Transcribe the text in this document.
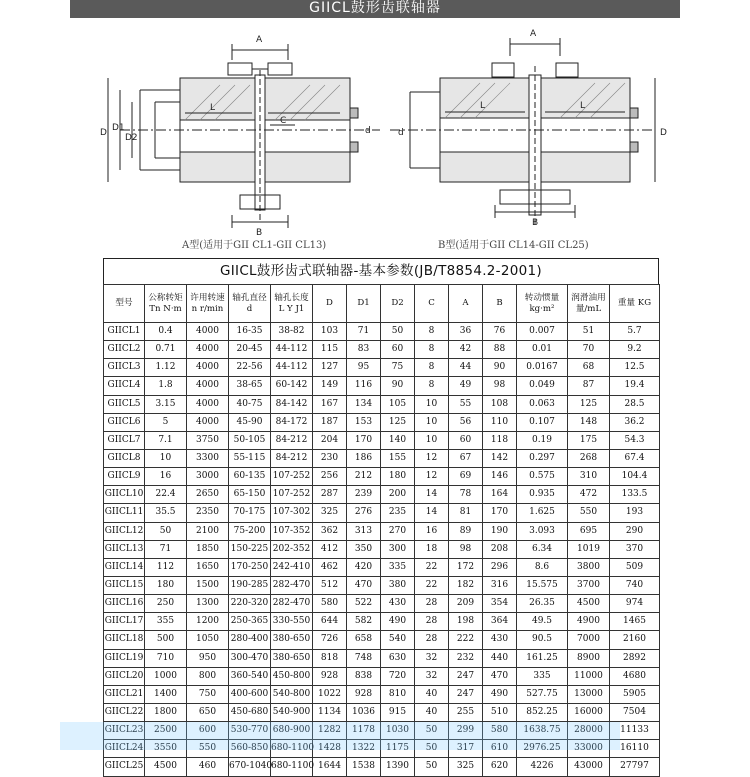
GIICL鼓形齿联轴器
A
L
C
B
D D1
D2
d
A
L	L
B
d	D
A型(适用于GII CL1-GII CL13)	B型(适用于GII CL14-GII CL25)
GIICL鼓形齿式联轴器-基本参数(JB/T8854.2-2001)
型号	公称转矩 Tn N·m	许用转速 n r/min	轴孔直径 d	轴孔长度 L Y J1	D	D1	D2	C	A	B	转动惯量 kg·m²	润滑油用 量/mL	重量 KG
GIICL1	0.4	4000	16-35	38-82	103	71	50	8	36	76	0.007	51	5.7
GIICL2	0.71	4000	20-45	44-112	115	83	60	8	42	88	0.01	70	9.2
GIICL3	1.12	4000	22-56	44-112	127	95	75	8	44	90	0.0167	68	12.5
GIICL4	1.8	4000	38-65	60-142	149	116	90	8	49	98	0.049	87	19.4
GIICL5	3.15	4000	40-75	84-142	167	134	105	10	55	108	0.063	125	28.5
GIICL6	5	4000	45-90	84-172	187	153	125	10	56	110	0.107	148	36.2
GIICL7	7.1	3750	50-105	84-212	204	170	140	10	60	118	0.19	175	54.3
GIICL8	10	3300	55-115	84-212	230	186	155	12	67	142	0.297	268	67.4
GIICL9	16	3000	60-135	107-252	256	212	180	12	69	146	0.575	310	104.4
GIICL10	22.4	2650	65-150	107-252	287	239	200	14	78	164	0.935	472	133.5
GIICL11	35.5	2350	70-175	107-302	325	276	235	14	81	170	1.625	550	193
GIICL12	50	2100	75-200	107-352	362	313	270	16	89	190	3.093	695	290
GIICL13	71	1850	150-225	202-352	412	350	300	18	98	208	6.34	1019	370
GIICL14	112	1650	170-250	242-410	462	420	335	22	172	296	8.6	3800	509
GIICL15	180	1500	190-285	282-470	512	470	380	22	182	316	15.575	3700	740
GIICL16	250	1300	220-320	282-470	580	522	430	28	209	354	26.35	4500	974
GIICL17	355	1200	250-365	330-550	644	582	490	28	198	364	49.5	4900	1465
GIICL18	500	1050	280-400	380-650	726	658	540	28	222	430	90.5	7000	2160
GIICL19	710	950	300-470	380-650	818	748	630	32	232	440	161.25	8900	2892
GIICL20	1000	800	360-540	450-800	928	838	720	32	247	470	335	11000	4680
GIICL21	1400	750	400-600	540-800	1022	928	810	40	247	490	527.75	13000	5905
GIICL22	1800	650	450-680	540-900	1134	1036	915	40	255	510	852.25	16000	7504
GIICL23	2500	600	530-770	680-900	1282	1178	1030	50	299	580	1638.75	28000	11133
GIICL24	3550	550	560-850	680-1100	1428	1322	1175	50	317	610	2976.25	33000	16110
GIICL25	4500	460	670-1040	680-1100	1644	1538	1390	50	325	620	4226	43000	27797
